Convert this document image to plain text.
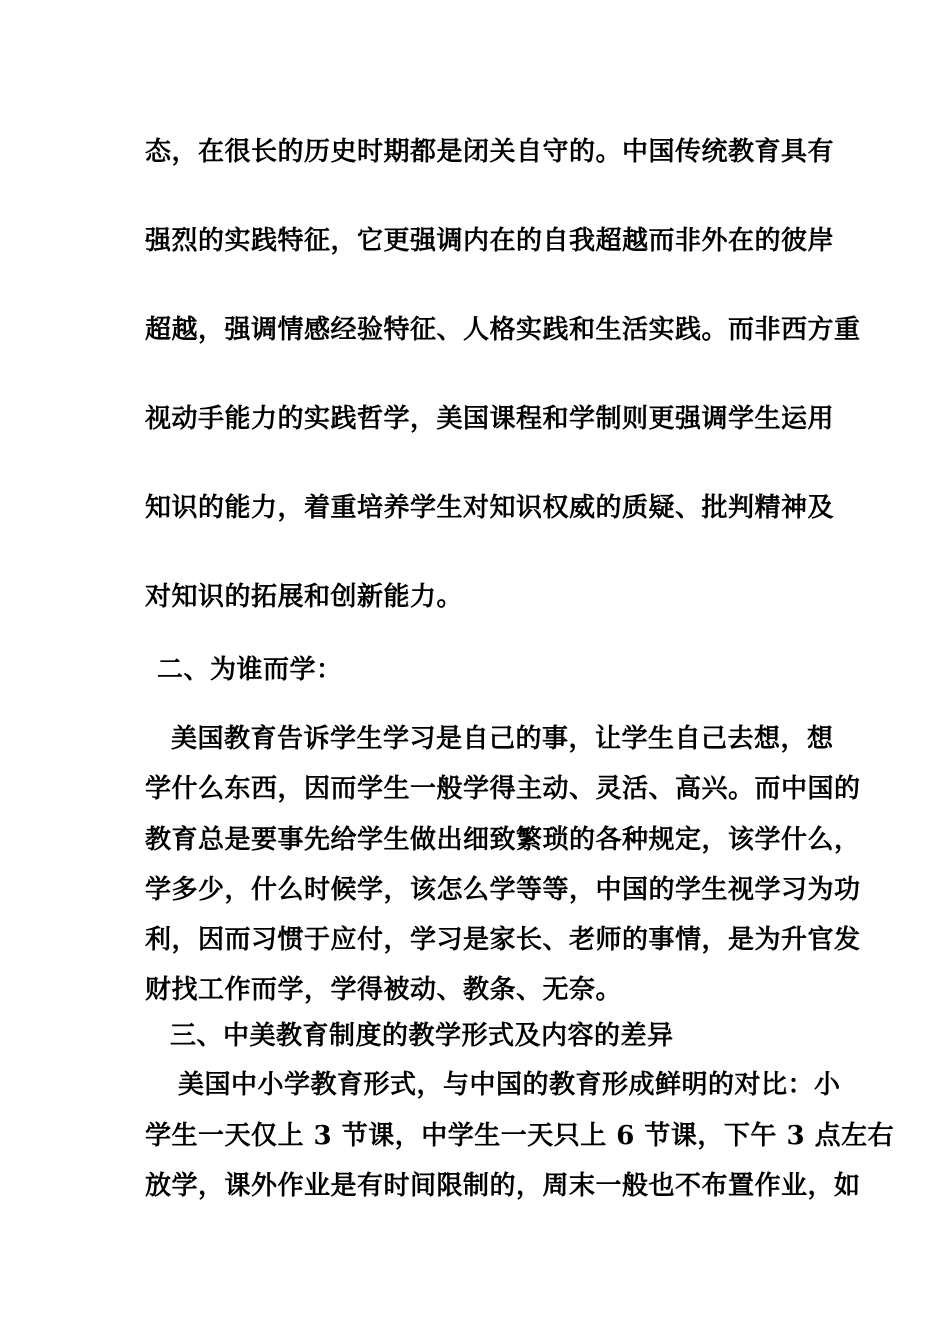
态，在很长的历史时期都是闭关自守的。中国传统教育具有
强烈的实践特征，它更强调内在的自我超越而非外在的彼岸
超越，强调情感经验特征、人格实践和生活实践。而非西方重
视动手能力的实践哲学，美国课程和学制则更强调学生运用
知识的能力，着重培养学生对知识权威的质疑、批判精神及
对知识的拓展和创新能力。
二、为谁而学：
美国教育告诉学生学习是自己的事，让学生自己去想，想
学什么东西，因而学生一般学得主动、灵活、高兴。而中国的
教育总是要事先给学生做出细致繁琐的各种规定，该学什么，
学多少，什么时候学，该怎么学等等，中国的学生视学习为功
利，因而习惯于应付，学习是家长、老师的事情，是为升官发
财找工作而学，学得被动、教条、无奈。
三、中美教育制度的教学形式及内容的差异
美国中小学教育形式，与中国的教育形成鲜明的对比：小
学生一天仅上 3 节课，中学生一天只上 6 节课，下午 3 点左右
放学，课外作业是有时间限制的，周末一般也不布置作业，如
